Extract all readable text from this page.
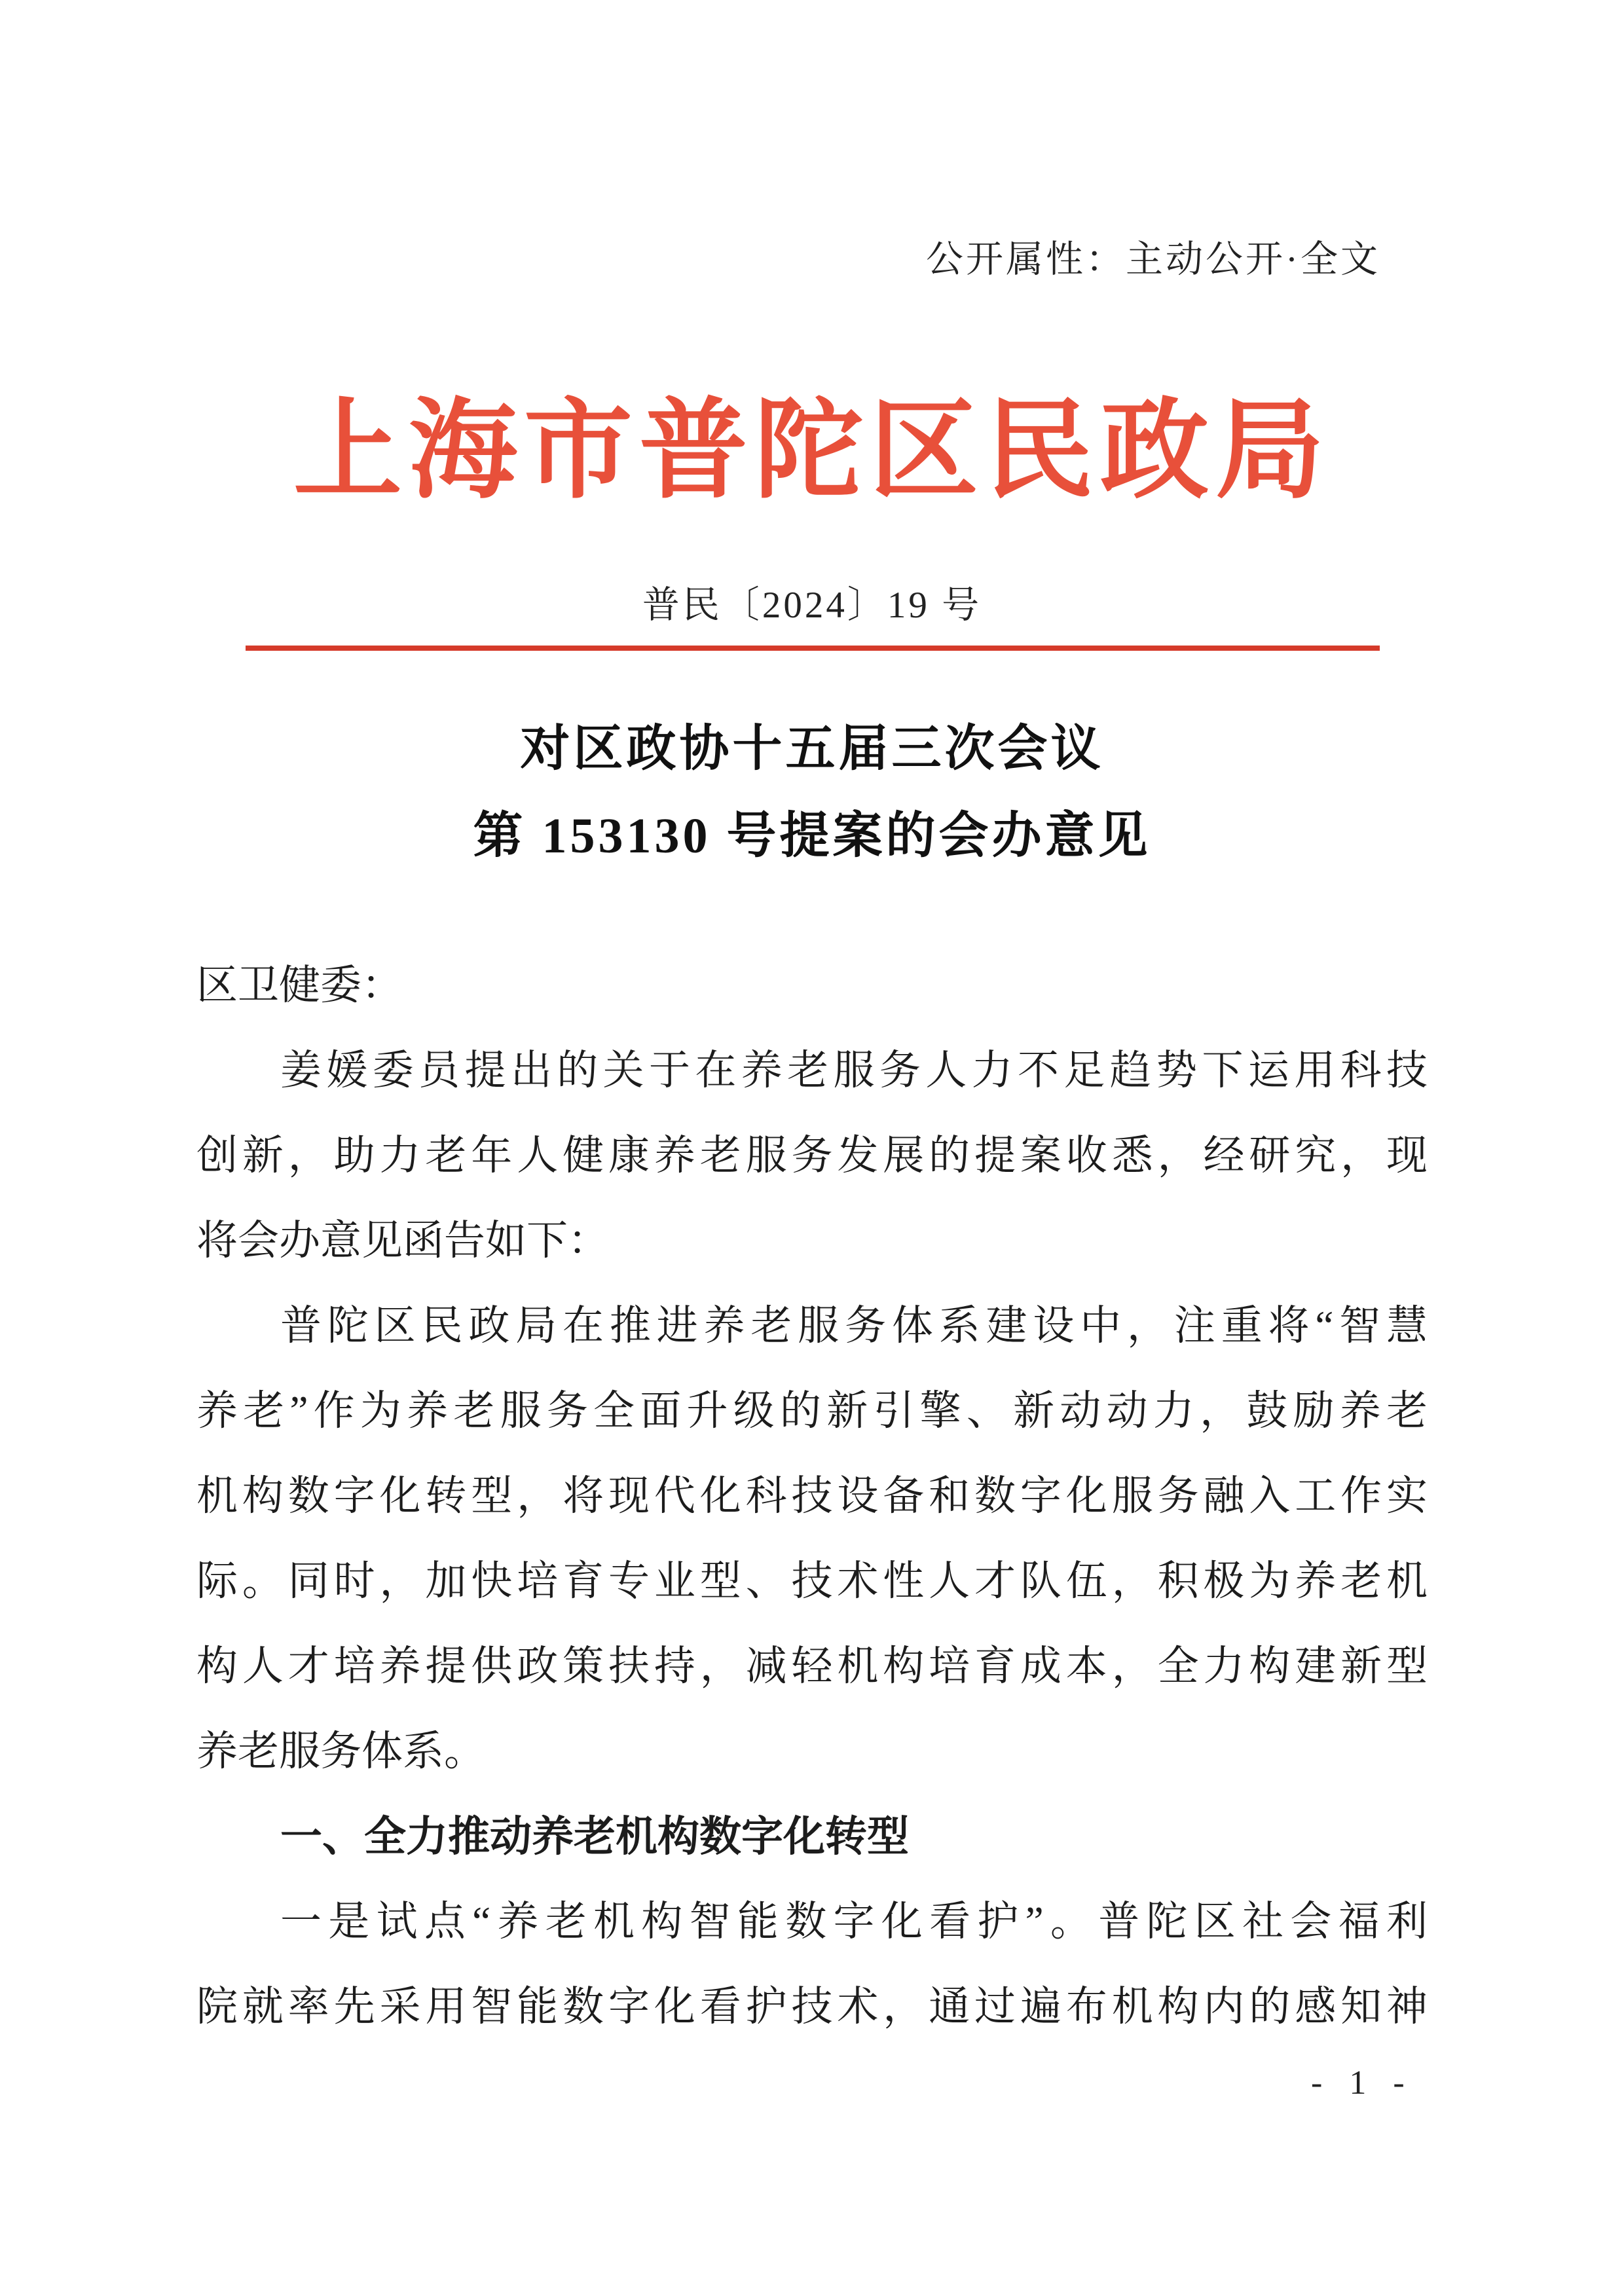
公开属性：主动公开·全文
上海市普陀区民政局
普民〔2024〕19 号
对区政协十五届三次会议
第 153130 号提案的会办意见
区卫健委：
姜媛委员提出的关于在养老服务人力不足趋势下运用科技
创新，助力老年人健康养老服务发展的提案收悉，经研究，现
将会办意见函告如下：
普陀区民政局在推进养老服务体系建设中，注重将“智慧
养老”作为养老服务全面升级的新引擎、新动动力，鼓励养老
机构数字化转型，将现代化科技设备和数字化服务融入工作实
际。同时，加快培育专业型、技术性人才队伍，积极为养老机
构人才培养提供政策扶持，减轻机构培育成本，全力构建新型
养老服务体系。
一、全力推动养老机构数字化转型
一是试点“养老机构智能数字化看护”。普陀区社会福利
院就率先采用智能数字化看护技术，通过遍布机构内的感知神
- 1 -
